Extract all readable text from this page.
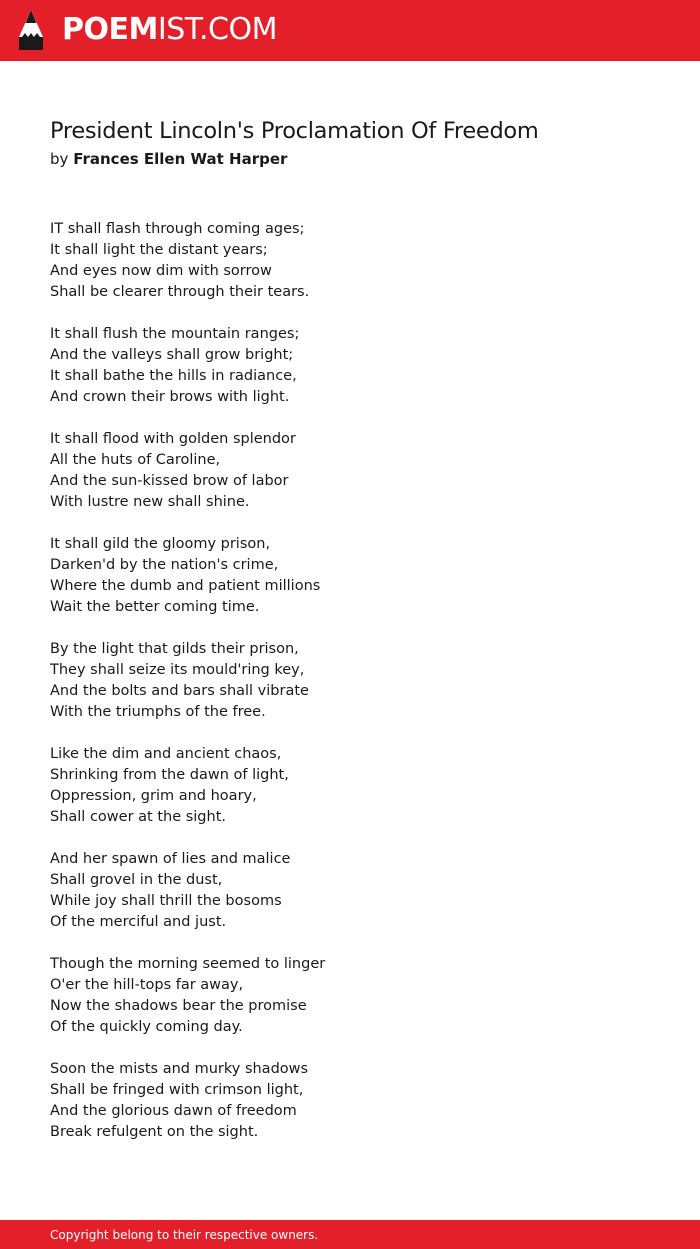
POEMIST.COM
President Lincoln's Proclamation Of Freedom
by Frances Ellen Wat Harper
IT shall flash through coming ages;
It shall light the distant years;
And eyes now dim with sorrow
Shall be clearer through their tears.
It shall flush the mountain ranges;
And the valleys shall grow bright;
It shall bathe the hills in radiance,
And crown their brows with light.
It shall flood with golden splendor
All the huts of Caroline,
And the sun-kissed brow of labor
With lustre new shall shine.
It shall gild the gloomy prison,
Darken'd by the nation's crime,
Where the dumb and patient millions
Wait the better coming time.
By the light that gilds their prison,
They shall seize its mould'ring key,
And the bolts and bars shall vibrate
With the triumphs of the free.
Like the dim and ancient chaos,
Shrinking from the dawn of light,
Oppression, grim and hoary,
Shall cower at the sight.
And her spawn of lies and malice
Shall grovel in the dust,
While joy shall thrill the bosoms
Of the merciful and just.
Though the morning seemed to linger
O'er the hill-tops far away,
Now the shadows bear the promise
Of the quickly coming day.
Soon the mists and murky shadows
Shall be fringed with crimson light,
And the glorious dawn of freedom
Break refulgent on the sight.
Copyright belong to their respective owners.
